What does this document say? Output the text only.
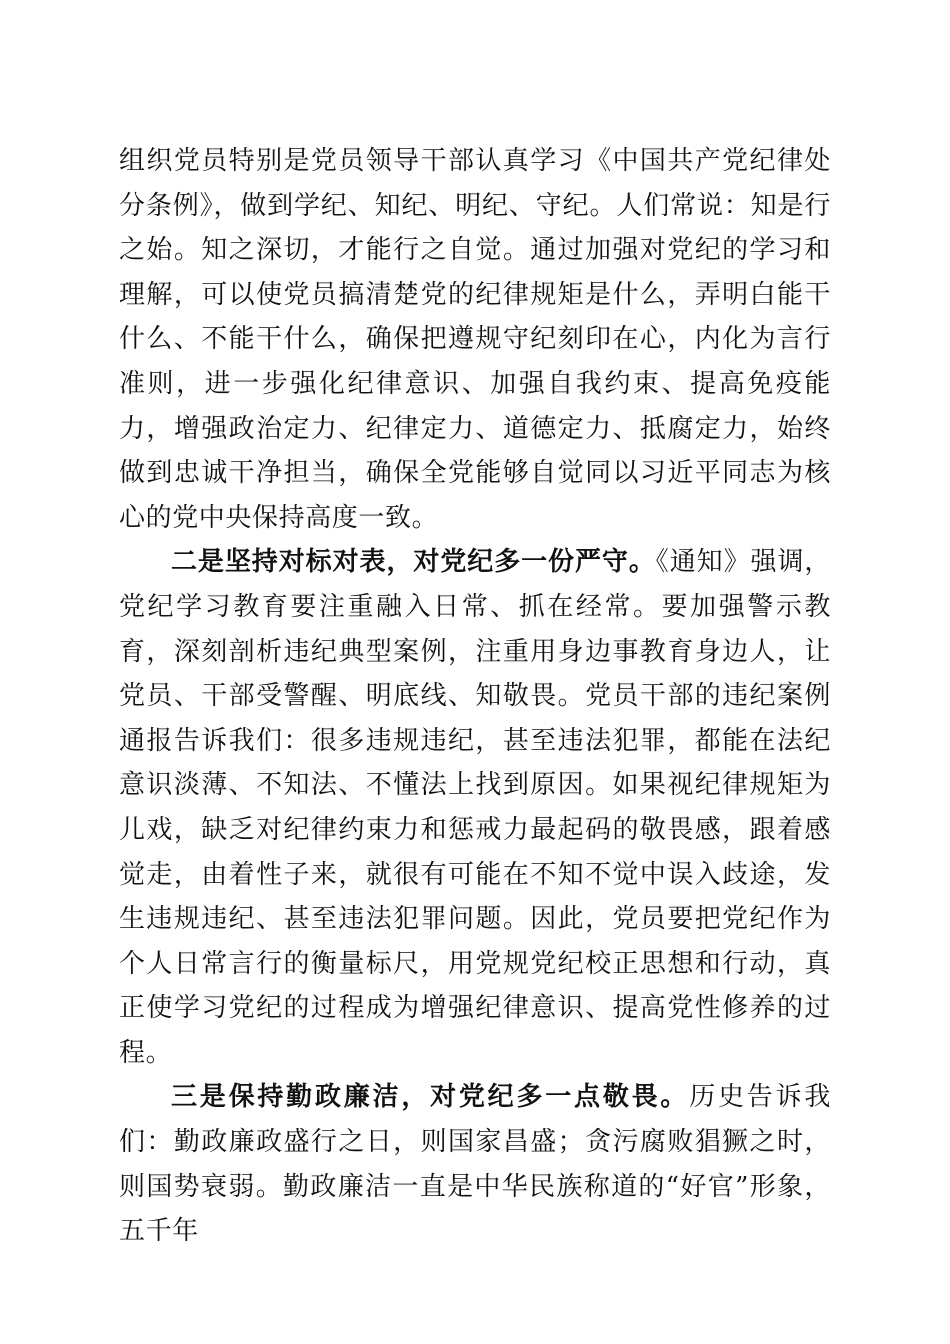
组织党员特别是党员领导干部认真学习《中国共产党纪律处分条例》，做到学纪、知纪、明纪、守纪。人们常说：知是行之始。知之深切，才能行之自觉。通过加强对党纪的学习和理解，可以使党员搞清楚党的纪律规矩是什么，弄明白能干什么、不能干什么，确保把遵规守纪刻印在心，内化为言行准则，进一步强化纪律意识、加强自我约束、提高免疫能力，增强政治定力、纪律定力、道德定力、抵腐定力，始终做到忠诚干净担当，确保全党能够自觉同以习近平同志为核心的党中央保持高度一致。

二是坚持对标对表，对党纪多一份严守。《通知》强调，党纪学习教育要注重融入日常、抓在经常。要加强警示教育，深刻剖析违纪典型案例，注重用身边事教育身边人，让党员、干部受警醒、明底线、知敬畏。党员干部的违纪案例通报告诉我们：很多违规违纪，甚至违法犯罪，都能在法纪意识淡薄、不知法、不懂法上找到原因。如果视纪律规矩为儿戏，缺乏对纪律约束力和惩戒力最起码的敬畏感，跟着感觉走，由着性子来，就很有可能在不知不觉中误入歧途，发生违规违纪、甚至违法犯罪问题。因此，党员要把党纪作为个人日常言行的衡量标尺，用党规党纪校正思想和行动，真正使学习党纪的过程成为增强纪律意识、提高党性修养的过程。

三是保持勤政廉洁，对党纪多一点敬畏。历史告诉我们：勤政廉政盛行之日，则国家昌盛；贪污腐败猖獗之时，则国势衰弱。勤政廉洁一直是中华民族称道的“好官”形象，五千年
